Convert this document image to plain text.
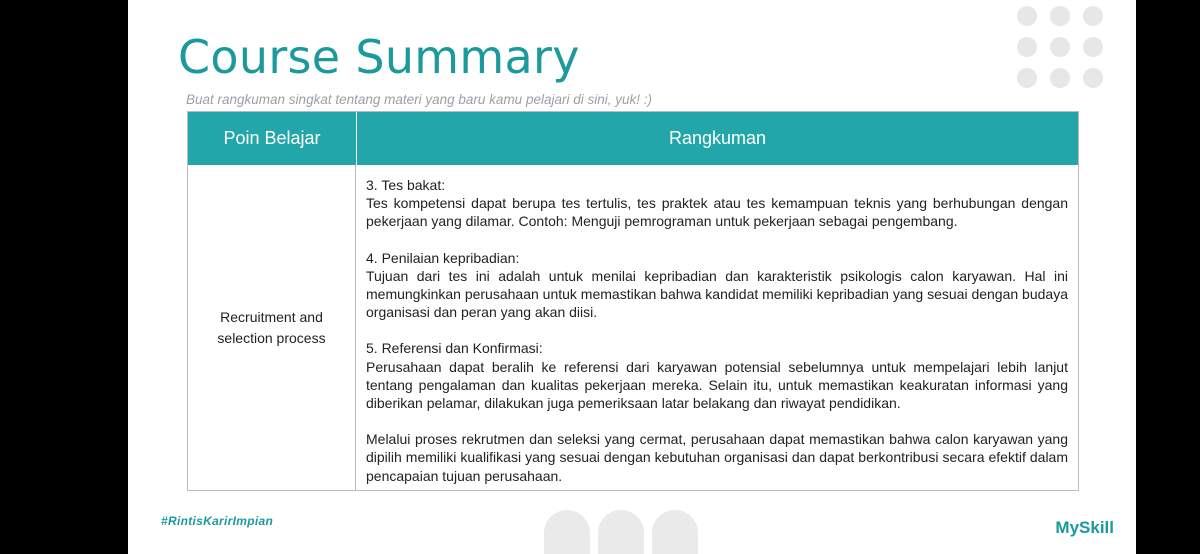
Course Summary
Buat rangkuman singkat tentang materi yang baru kamu pelajari di sini, yuk! :)
Poin Belajar	Rangkuman
Recruitment and selection process

3. Tes bakat:
Tes kompetensi dapat berupa tes tertulis, tes praktek atau tes kemampuan teknis yang berhubungan dengan pekerjaan yang dilamar. Contoh: Menguji pemrograman untuk pekerjaan sebagai pengembang.

4. Penilaian kepribadian:
Tujuan dari tes ini adalah untuk menilai kepribadian dan karakteristik psikologis calon karyawan. Hal ini memungkinkan perusahaan untuk memastikan bahwa kandidat memiliki kepribadian yang sesuai dengan budaya organisasi dan peran yang akan diisi.

5. Referensi dan Konfirmasi:
Perusahaan dapat beralih ke referensi dari karyawan potensial sebelumnya untuk mempelajari lebih lanjut tentang pengalaman dan kualitas pekerjaan mereka. Selain itu, untuk memastikan keakuratan informasi yang diberikan pelamar, dilakukan juga pemeriksaan latar belakang dan riwayat pendidikan.

Melalui proses rekrutmen dan seleksi yang cermat, perusahaan dapat memastikan bahwa calon karyawan yang dipilih memiliki kualifikasi yang sesuai dengan kebutuhan organisasi dan dapat berkontribusi secara efektif dalam pencapaian tujuan perusahaan.

#RintisKarirImpian	MySkill
